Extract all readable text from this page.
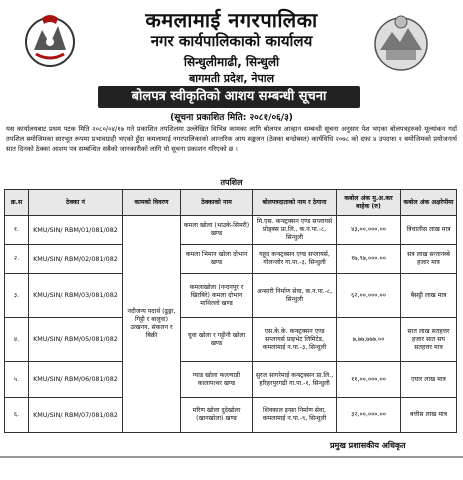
कमलामाई नगरपालिका
नगर कार्यपालिकाको कार्यालय
सिन्धुलीमाढी, सिन्धुली
बागमती प्रदेश, नेपाल
बोलपत्र स्वीकृतिको आशय सम्बन्धी सूचना
(सूचना प्रकाशित मिति: २०८१/०६/३)

यस कार्यालयबाट प्रथम पटक मिति २०८०/०४/१७ गते प्रकाशित तपशिलमा उल्लेखित विभिन्न कामका लागि बोलपत्र आव्हान सम्बन्धी सूचना अनुसार पेश भएका बोलपत्रहरुको मूल्यांकन गर्दा तपशिल बमोजिमका सारभूत रूपमा प्रभावग्राही भएको हुँदा कमलामाई नगरपालिकाको आन्तरिक आय सङ्कलन (ठेक्का बन्दोबस्त) कार्यविधि २०७८ को दफा ४ उपदफा १ बमोजिमको प्रयोजनार्थ सात दिनको ठेक्का आशय पत्र सम्बन्धित सबैको जानकारीको लागि यो सूचना प्रकाशन गरिएको छ ।

तपशिल
क्र.स	ठेक्का नं	कामको विवरण	ठेक्काको नाम	बोलपत्रदाताको नाम र ठेगाना	कबोल अंक मु.अ.कर बाहेक (रु)	कबोल अंक अक्षरेपीमा
१.	KMU/SIN/ RBM/01/081/082	नदीजन्य पदार्थ (ढुङ्गा, गिट्टी र बालुवा) उत्खनन, संकलन र बिक्री	कमला खोला (भाउके-सिमरी) खण्ड	मि.एस. कन्स्ट्रक्सन एण्ड सप्लायर्स प्रोड्क्स प्रा.लि., क.न.पा.-८, सिन्धुली	४३,००,०००.००	त्रिचालीस लाख मात्र
२.	KMU/SIN/ RBM/02/081/082		कमला भिमान खोला दोभान खण्ड	यहूद कन्स्ट्रक्सन एण्ड सप्लायर्स, गोलन्जोर गा.पा.-३, सिन्धुली	१७,९७,०००.००	सत्र लाख सन्तानब्बे हजार मात्र
३.	KMU/SIN/ RBM/03/081/082		कमलाखोला (नन्दनपुर र खिरबिरे) कमला दोभान माथिल्लो खण्ड	अन्सारी निर्माण सेवा, क.न.पा.-८, सिन्धुली	६२,००,०००.००	बैसट्ठी लाख मात्र
४.	KMU/SIN/ RBM/05/081/082		चुवा खोला र गट्टीनी खोला खण्ड	एस.के.के. कन्स्ट्रक्सन एण्ड सप्लायर्स प्राइभेट लिमिटेड, कमलामाई न.पा.-३, सिन्धुली	७,७७,७७७.००	सात लाख सतहत्तर हजार सात सय सतहत्तर मात्र
५.	KMU/SIN/ RBM/06/081/082		ग्याड खोला फल्ल्याडी कालापत्थर खण्ड	सुरज सागरेमाई कन्स्ट्रक्सन प्रा.लि., हरिहरपुरगढी गा.पा.-१, सिन्धुली	११,००,०००.००	एघार लाख मात्र
६.	KMU/SIN/ RBM/07/081/082		मरिण खोला दुदेखोला (खानखोला) खण्ड	शिवकाल इन्फ्रा निर्माण सेवा, कमलामाई न.पा.-९, सिन्धुली	३२,००,०००.००	बत्तीस लाख मात्र
प्रमुख प्रशासकीय अधिकृत
